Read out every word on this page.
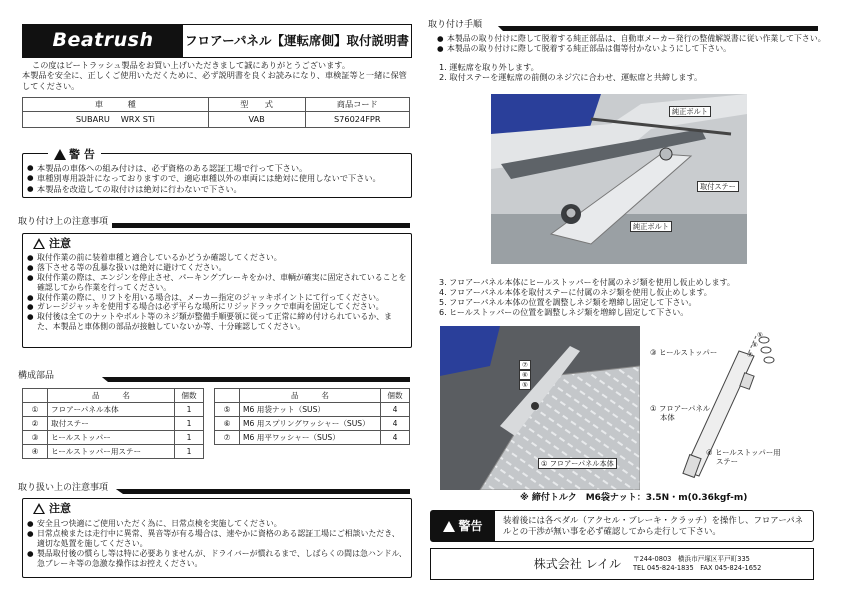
Beatrush	フロアーパネル【運転席側】取付説明書
この度はビートラッシュ製品をお買い上げいただきまして誠にありがとうございます。
本製品を安全に、正しくご使用いただくために、必ず説明書を良くお読みになり、車検証等と一緒に保管してください。
車　　　種	型　　式	商品コード
SUBARU　 WRX STi	VAB	S76024FPR
● 本製品の車体への組み付けは、必ず資格のある認証工場で行って下さい。
● 車種別専用設計になっておりますので、適応車種以外の車両には絶対に使用しないで下さい。
● 本製品を改造しての取付けは絶対に行わないで下さい。
警 告
取り付け上の注意事項
注意
● 取付作業の前に装着車種と適合しているかどうか確認してください。
● 落下させる等の乱暴な扱いは絶対に避けてください。
● 取付作業の際は、エンジンを停止させ、パーキングブレーキをかけ、車輌が確実に固定されていることを確認してから作業を行ってください。
● 取付作業の際に、リフトを用いる場合は、メーカー指定のジャッキポイントにて行ってください。
● ガレージジャッキを使用する場合は必ず平らな場所にリジッドラックで車両を固定してください。
● 取付後は全てのナットやボルト等のネジ類が整備手順要領に従って正常に締め付けられているか、また、本製品と車体側の部品が接触していないか等、十分確認してください。
構成部品
	品　　　名	個数			品　　　名	個数
①	フロアーパネル本体	1		⑤	M6 用袋ナット（SUS）	4
②	取付ステー	1		⑥	M6 用スプリングワッシャー（SUS）	4
③	ヒールストッパー	1		⑦	M6 用平ワッシャー（SUS）	4
④	ヒールストッパー用ステー	1				
取り扱い上の注意事項
注意
● 安全且つ快適にご使用いただく為に、日常点検を実施してください。
● 日常点検または走行中に異常、異音等が有る場合は、速やかに資格のある認証工場にご相談いただき、適切な処置を施してください。
● 製品取付後の慣らし等は特に必要ありませんが、ドライバーが慣れるまで、しばらくの間は急ハンドル、急ブレーキ等の急激な操作はお控えください。
取り付け手順
● 本製品の取り付けに際して脱着する純正部品は、自動車メーカー発行の整備解説書に従い作業して下さい。
● 本製品の取り付けに際して脱着する純正部品は傷等付かないようにして下さい。
1. 運転席を取り外します。
2. 取付ステーを運転席の前側のネジ穴に合わせ、運転席と共締します。
純正ボルト
取付ステー
純正ボルト
3. フロアーパネル本体にヒールストッパーを付属のネジ類を使用し仮止めします。
4. フロアーパネル本体を取付ステーに付属のネジ類を使用し仮止めします。
5. フロアーパネル本体の位置を調整しネジ類を増締し固定して下さい。
6. ヒールストッパーの位置を調整しネジ類を増締し固定して下さい。
⑦
⑥
⑤
① フロアーパネル本体
⑤
⑥
⑦
③ ヒールストッパー
① フロアーパネル
本体
④ ヒールストッパー用
ステー
※ 締付トルク　M6袋ナット：3.5N・m(0.36kgf-m)
警告 装着後には各ペダル（アクセル・ブレーキ・クラッチ）を操作し、フロアーパネルとの干渉が無い事を必ず確認してから走行して下さい。
株式会社 レイル	〒244-0803　横浜市戸塚区平戸町335
TEL 045-824-1835　FAX 045-824-1652
